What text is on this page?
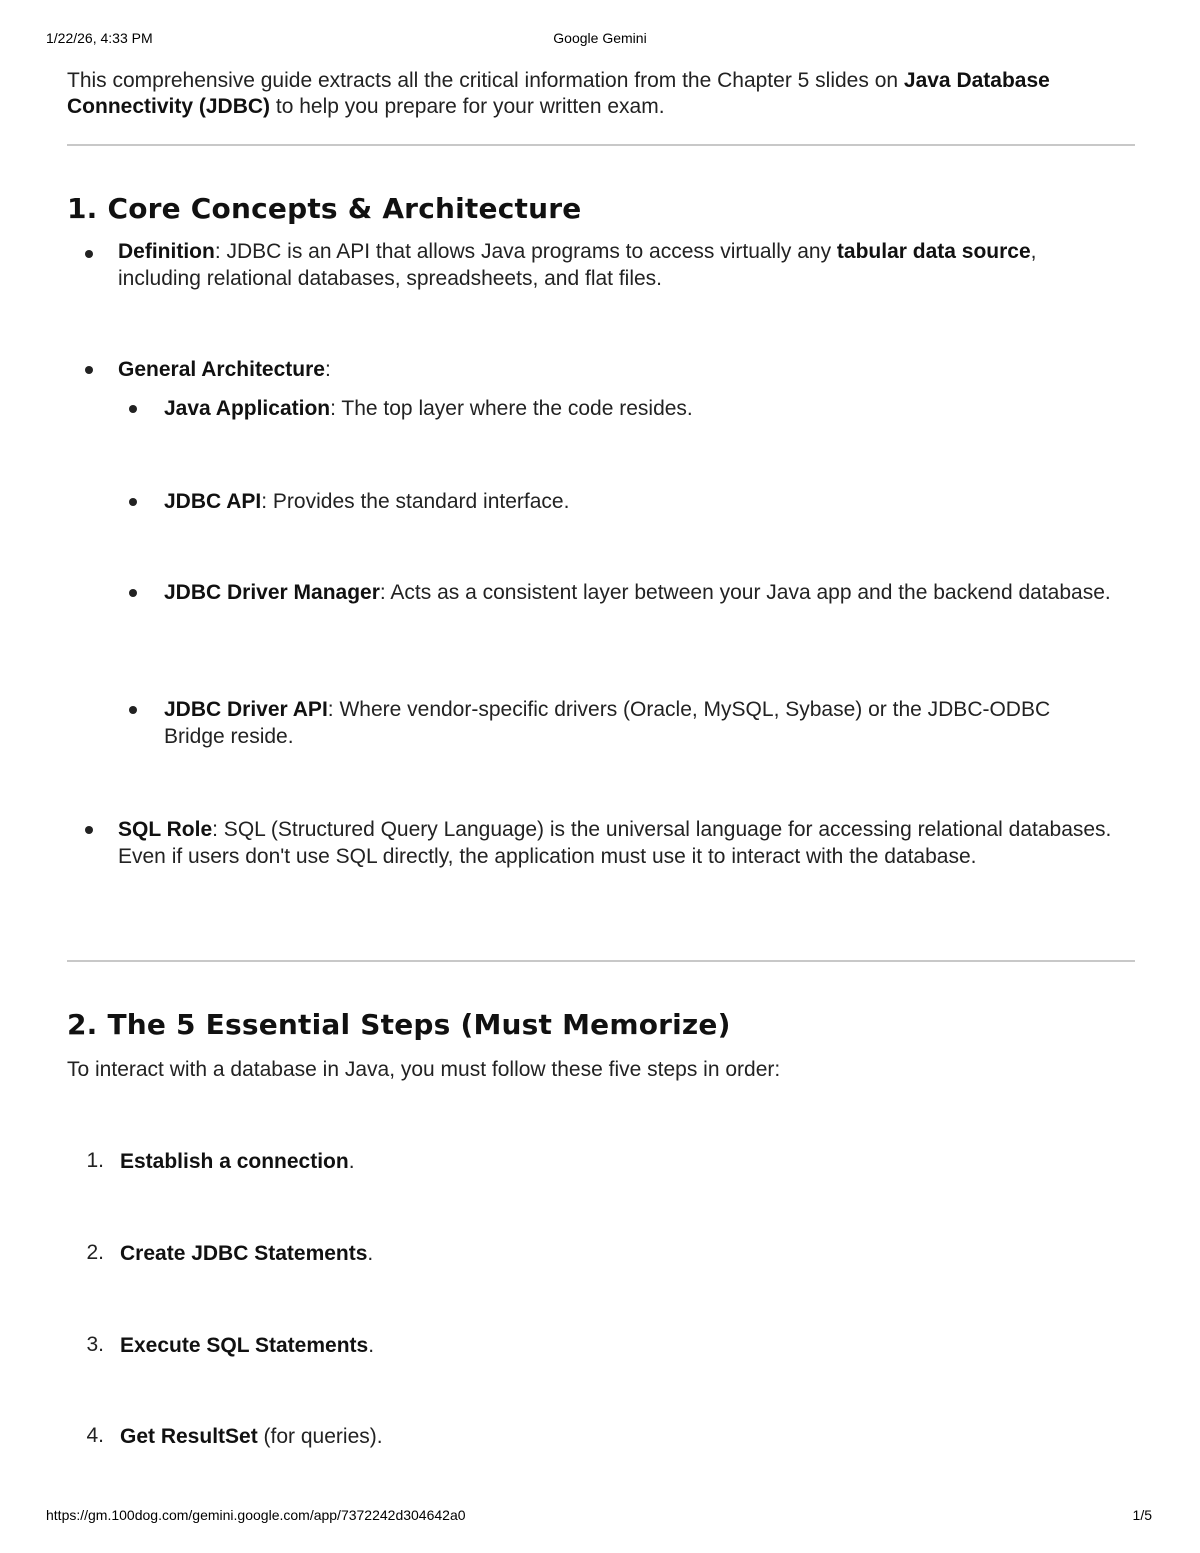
1/22/26, 4:33 PM	Google Gemini

This comprehensive guide extracts all the critical information from the Chapter 5 slides on Java Database Connectivity (JDBC) to help you prepare for your written exam.

1. Core Concepts & Architecture
Definition: JDBC is an API that allows Java programs to access virtually any tabular data source, including relational databases, spreadsheets, and flat files.
General Architecture:
Java Application: The top layer where the code resides.
JDBC API: Provides the standard interface.
JDBC Driver Manager: Acts as a consistent layer between your Java app and the backend database.
JDBC Driver API: Where vendor-specific drivers (Oracle, MySQL, Sybase) or the JDBC-ODBC Bridge reside.
SQL Role: SQL (Structured Query Language) is the universal language for accessing relational databases. Even if users don't use SQL directly, the application must use it to interact with the database.
2. The 5 Essential Steps (Must Memorize)
To interact with a database in Java, you must follow these five steps in order:
1. Establish a connection.
2. Create JDBC Statements.
3. Execute SQL Statements.
4. Get ResultSet (for queries).
https://gm.100dog.com/gemini.google.com/app/7372242d304642a0	1/5
